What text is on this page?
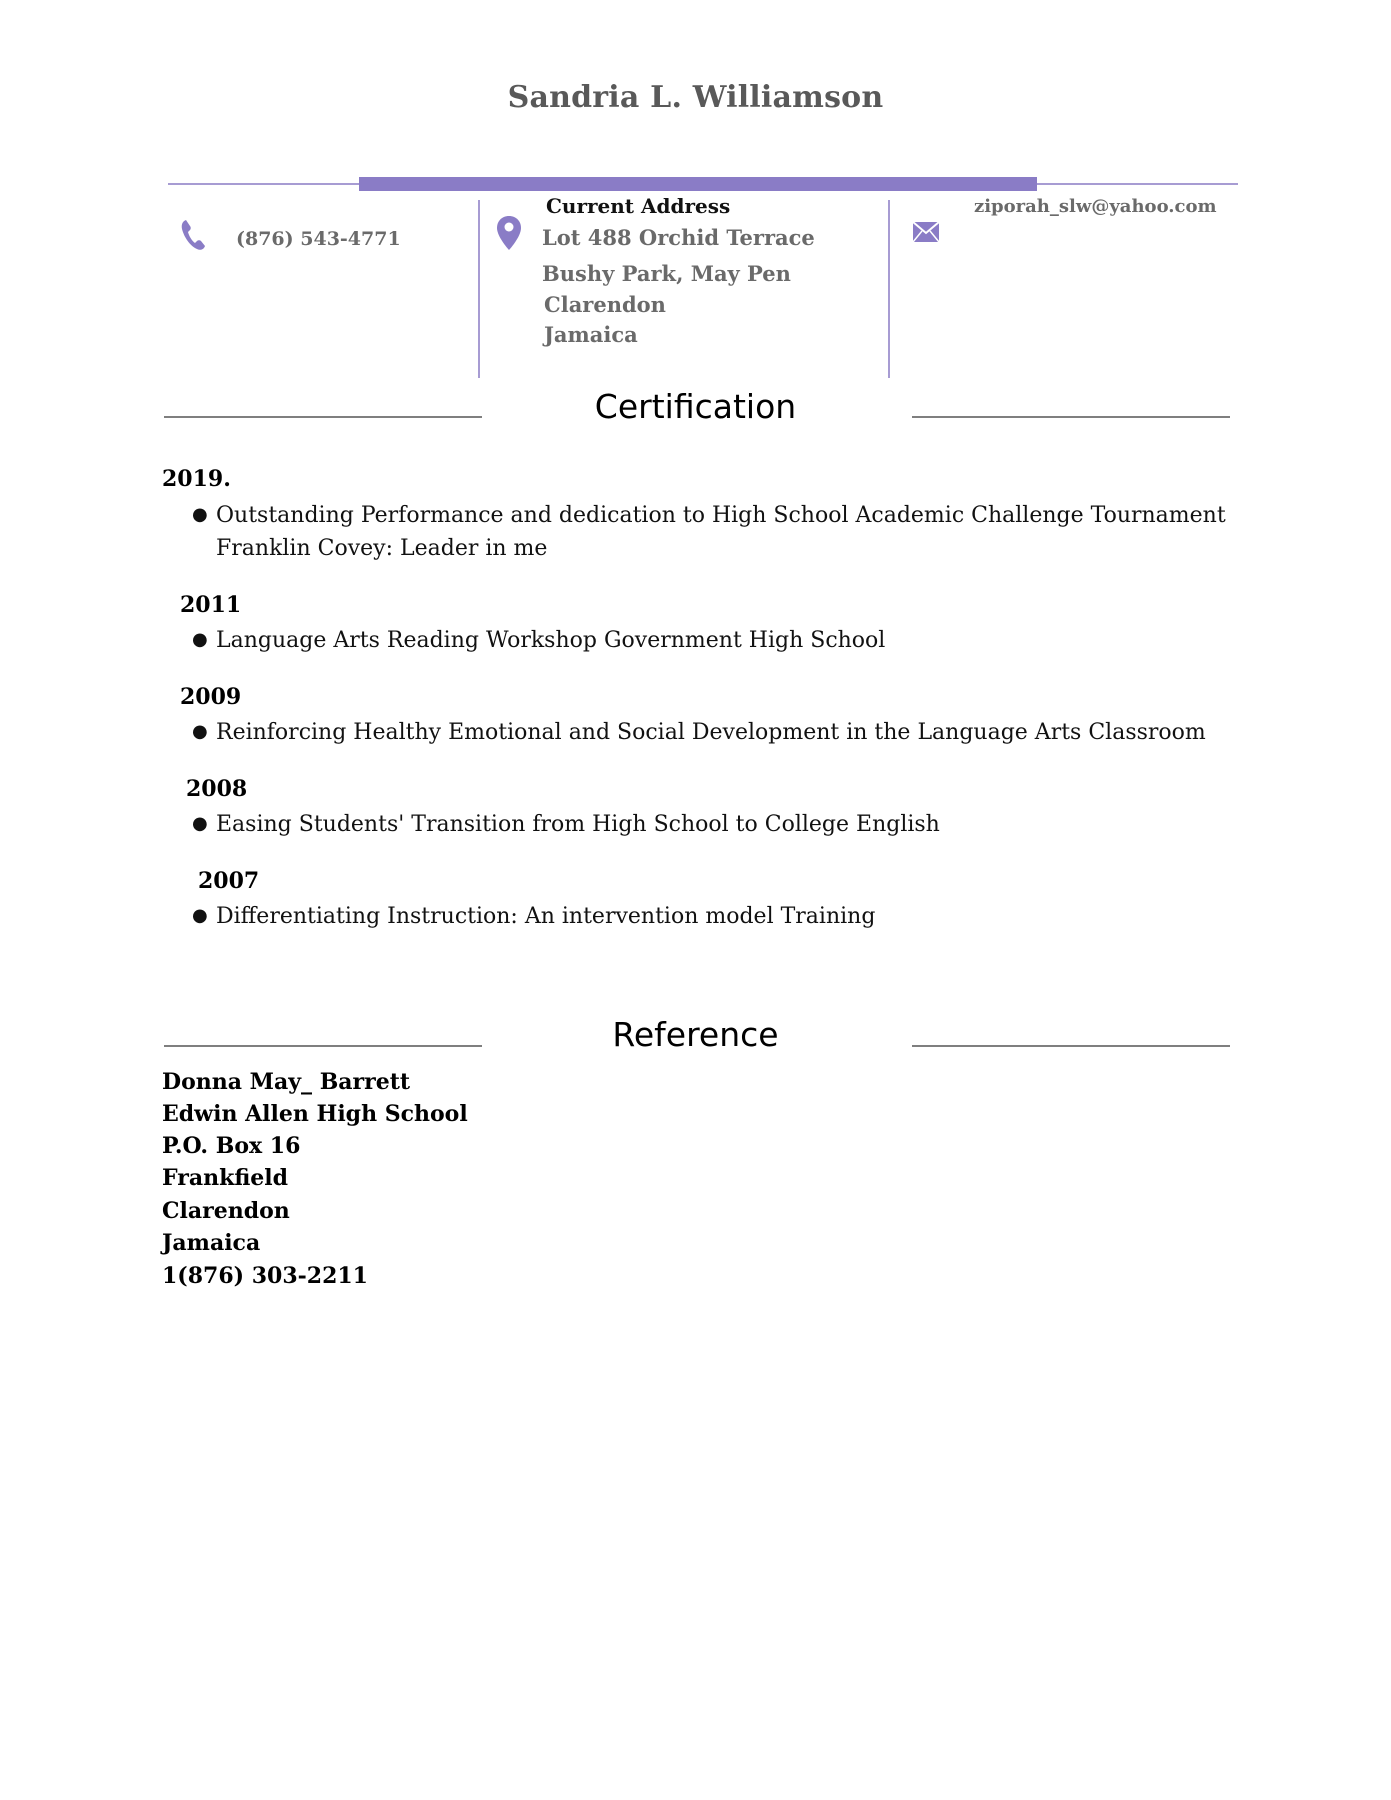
Sandria L. Williamson
(876) 543-4771
Current Address
Lot 488 Orchid Terrace
Bushy Park, May Pen
Clarendon
Jamaica
ziporah_slw@yahoo.com
Certification
2019.
● Outstanding Performance and dedication to High School Academic Challenge Tournament
Franklin Covey: Leader in me
2011
● Language Arts Reading Workshop Government High School
2009
● Reinforcing Healthy Emotional and Social Development in the Language Arts Classroom
2008
● Easing Students' Transition from High School to College English
2007
● Differentiating Instruction: An intervention model Training
Reference
Donna May_ Barrett
Edwin Allen High School
P.O. Box 16
Frankfield
Clarendon
Jamaica
1(876) 303-2211
